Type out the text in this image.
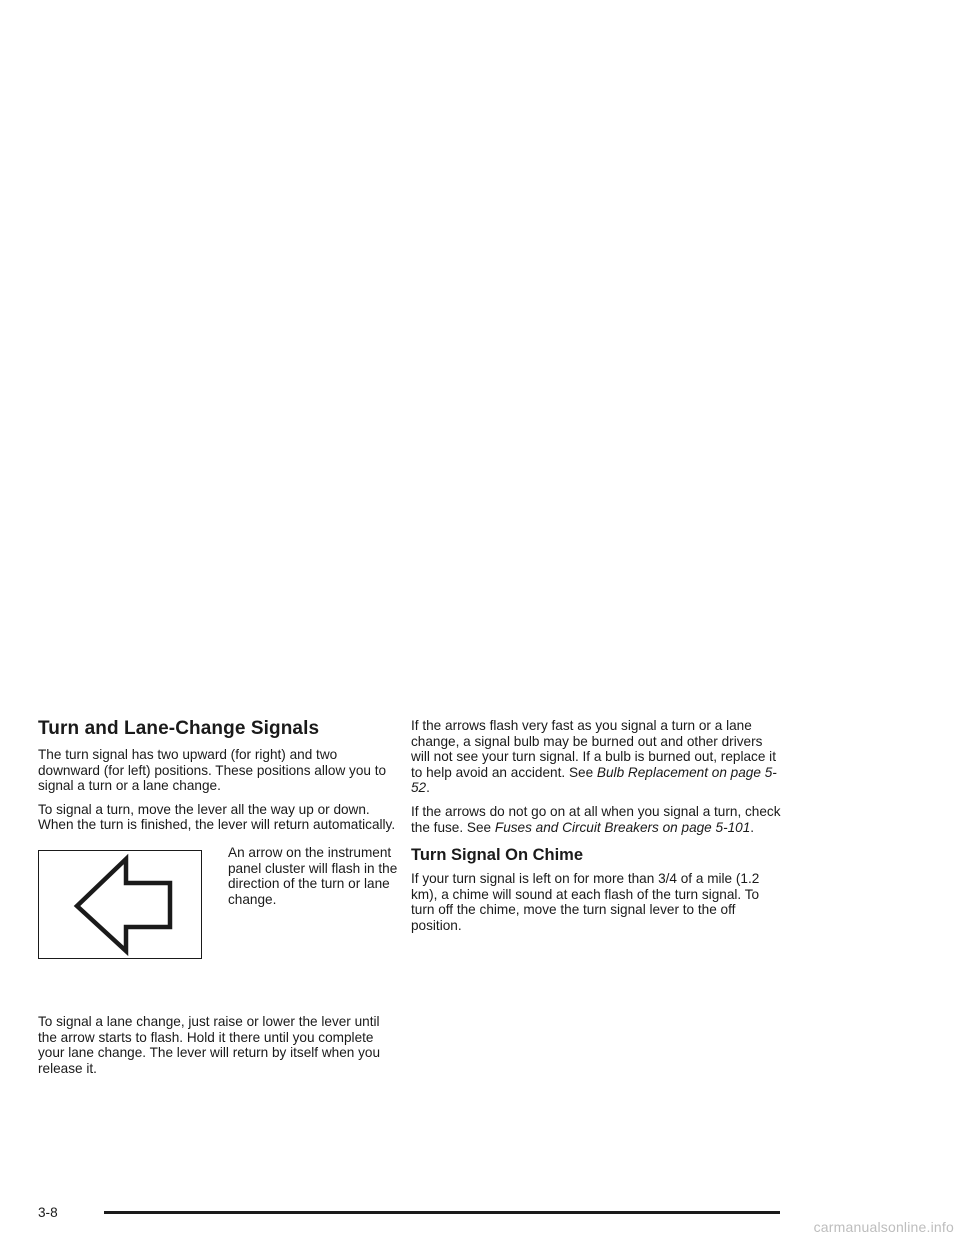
Turn and Lane-Change Signals

The turn signal has two upward (for right) and two downward (for left) positions. These positions allow you to signal a turn or a lane change.

To signal a turn, move the lever all the way up or down. When the turn is finished, the lever will return automatically.

An arrow on the instrument panel cluster will flash in the direction of the turn or lane change.

To signal a lane change, just raise or lower the lever until the arrow starts to flash. Hold it there until you complete your lane change. The lever will return by itself when you release it.

If the arrows flash very fast as you signal a turn or a lane change, a signal bulb may be burned out and other drivers will not see your turn signal. If a bulb is burned out, replace it to help avoid an accident. See Bulb Replacement on page 5-52.

If the arrows do not go on at all when you signal a turn, check the fuse. See Fuses and Circuit Breakers on page 5-101.

Turn Signal On Chime

If your turn signal is left on for more than 3/4 of a mile (1.2 km), a chime will sound at each flash of the turn signal. To turn off the chime, move the turn signal lever to the off position.

3-8
carmanualsonline.info
